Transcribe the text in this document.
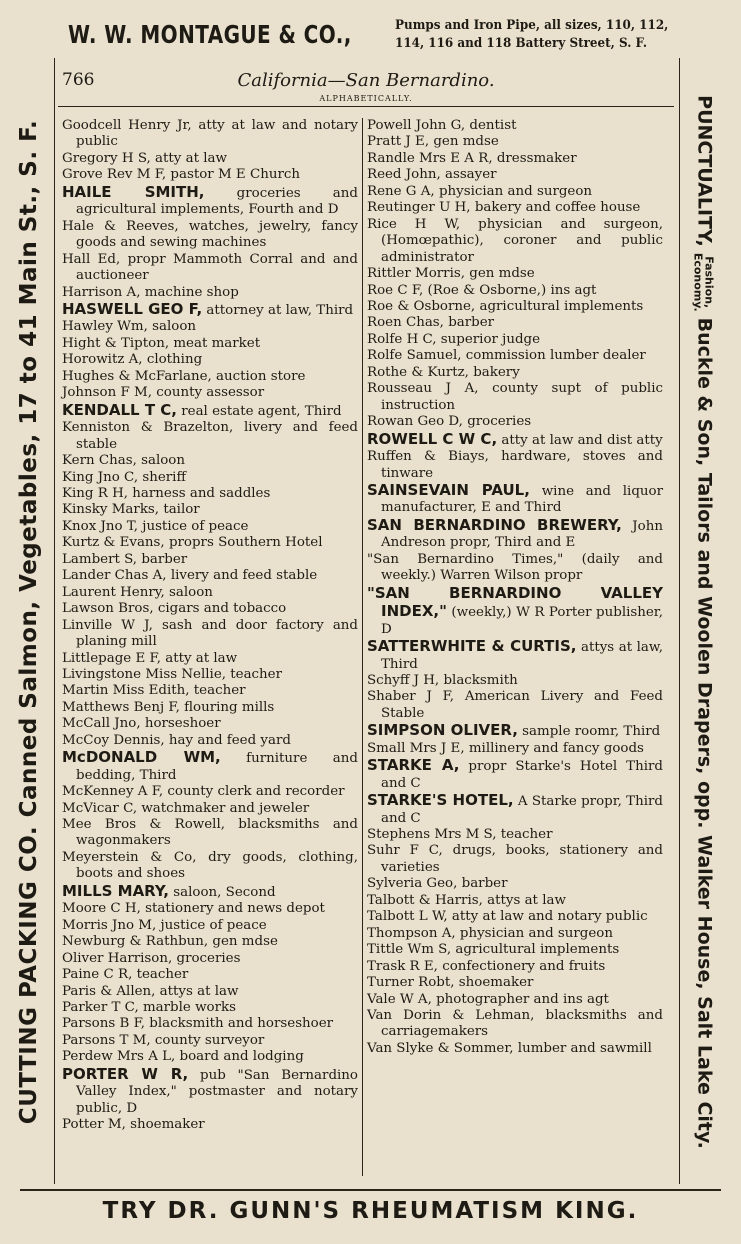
W. W. MONTAGUE & CO.,	Pumps and Iron Pipe, all sizes, 110, 112,
114, 116 and 118 Battery Street, S. F.
CUTTING PACKING CO. Canned Salmon, Vegetables, 17 to 41 Main St., S. F.	PUNCTUALITY,Fashion,
Economy.Buckle & Son, Tailors and Woolen Drapers, opp. Walker House, Salt Lake City.
766	California—San Bernardino.
ALPHABETICALLY.
Goodcell Henry Jr, atty at law and notary public
Gregory H S, atty at law
Grove Rev M F, pastor M E Church
HAILE SMITH, groceries and agricultural implements, Fourth and D
Hale & Reeves, watches, jewelry, fancy goods and sewing machines
Hall Ed, propr Mammoth Corral and and auctioneer
Harrison A, machine shop
HASWELL GEO F, attorney at law, Third
Hawley Wm, saloon
Hight & Tipton, meat market
Horowitz A, clothing
Hughes & McFarlane, auction store
Johnson F M, county assessor
KENDALL T C, real estate agent, Third
Kenniston & Brazelton, livery and feed stable
Kern Chas, saloon
King Jno C, sheriff
King R H, harness and saddles
Kinsky Marks, tailor
Knox Jno T, justice of peace
Kurtz & Evans, proprs Southern Hotel
Lambert S, barber
Lander Chas A, livery and feed stable
Laurent Henry, saloon
Lawson Bros, cigars and tobacco
Linville W J, sash and door factory and planing mill
Littlepage E F, atty at law
Livingstone Miss Nellie, teacher
Martin Miss Edith, teacher
Matthews Benj F, flouring mills
McCall Jno, horseshoer
McCoy Dennis, hay and feed yard
McDONALD WM, furniture and bedding, Third
McKenney A F, county clerk and recorder
McVicar C, watchmaker and jeweler
Mee Bros & Rowell, blacksmiths and wagonmakers
Meyerstein & Co, dry goods, clothing, boots and shoes
MILLS MARY, saloon, Second
Moore C H, stationery and news depot
Morris Jno M, justice of peace
Newburg & Rathbun, gen mdse
Oliver Harrison, groceries
Paine C R, teacher
Paris & Allen, attys at law
Parker T C, marble works
Parsons B F, blacksmith and horseshoer
Parsons T M, county surveyor
Perdew Mrs A L, board and lodging
PORTER W R, pub "San Bernardino Valley Index," postmaster and notary public, D
Potter M, shoemaker
Powell John G, dentist
Pratt J E, gen mdse
Randle Mrs E A R, dressmaker
Reed John, assayer
Rene G A, physician and surgeon
Reutinger U H, bakery and coffee house
Rice H W, physician and surgeon, (Homœpathic), coroner and public administrator
Rittler Morris, gen mdse
Roe C F, (Roe & Osborne,) ins agt
Roe & Osborne, agricultural implements
Roen Chas, barber
Rolfe H C, superior judge
Rolfe Samuel, commission lumber dealer
Rothe & Kurtz, bakery
Rousseau J A, county supt of public instruction
Rowan Geo D, groceries
ROWELL C W C, atty at law and dist atty
Ruffen & Biays, hardware, stoves and tinware
SAINSEVAIN PAUL, wine and liquor manufacturer, E and Third
SAN BERNARDINO BREWERY, John Andreson propr, Third and E
"San Bernardino Times," (daily and weekly.) Warren Wilson propr
"SAN BERNARDINO VALLEY INDEX," (weekly,) W R Porter publisher, D
SATTERWHITE & CURTIS, attys at law, Third
Schyff J H, blacksmith
Shaber J F, American Livery and Feed Stable
SIMPSON OLIVER, sample roomr, Third
Small Mrs J E, millinery and fancy goods
STARKE A, propr Starke's Hotel Third and C
STARKE'S HOTEL, A Starke propr, Third and C
Stephens Mrs M S, teacher
Suhr F C, drugs, books, stationery and varieties
Sylveria Geo, barber
Talbott & Harris, attys at law
Talbott L W, atty at law and notary public
Thompson A, physician and surgeon
Tittle Wm S, agricultural implements
Trask R E, confectionery and fruits
Turner Robt, shoemaker
Vale W A, photographer and ins agt
Van Dorin & Lehman, blacksmiths and carriagemakers
Van Slyke & Sommer, lumber and sawmill
TRY DR. GUNN'S RHEUMATISM KING.
